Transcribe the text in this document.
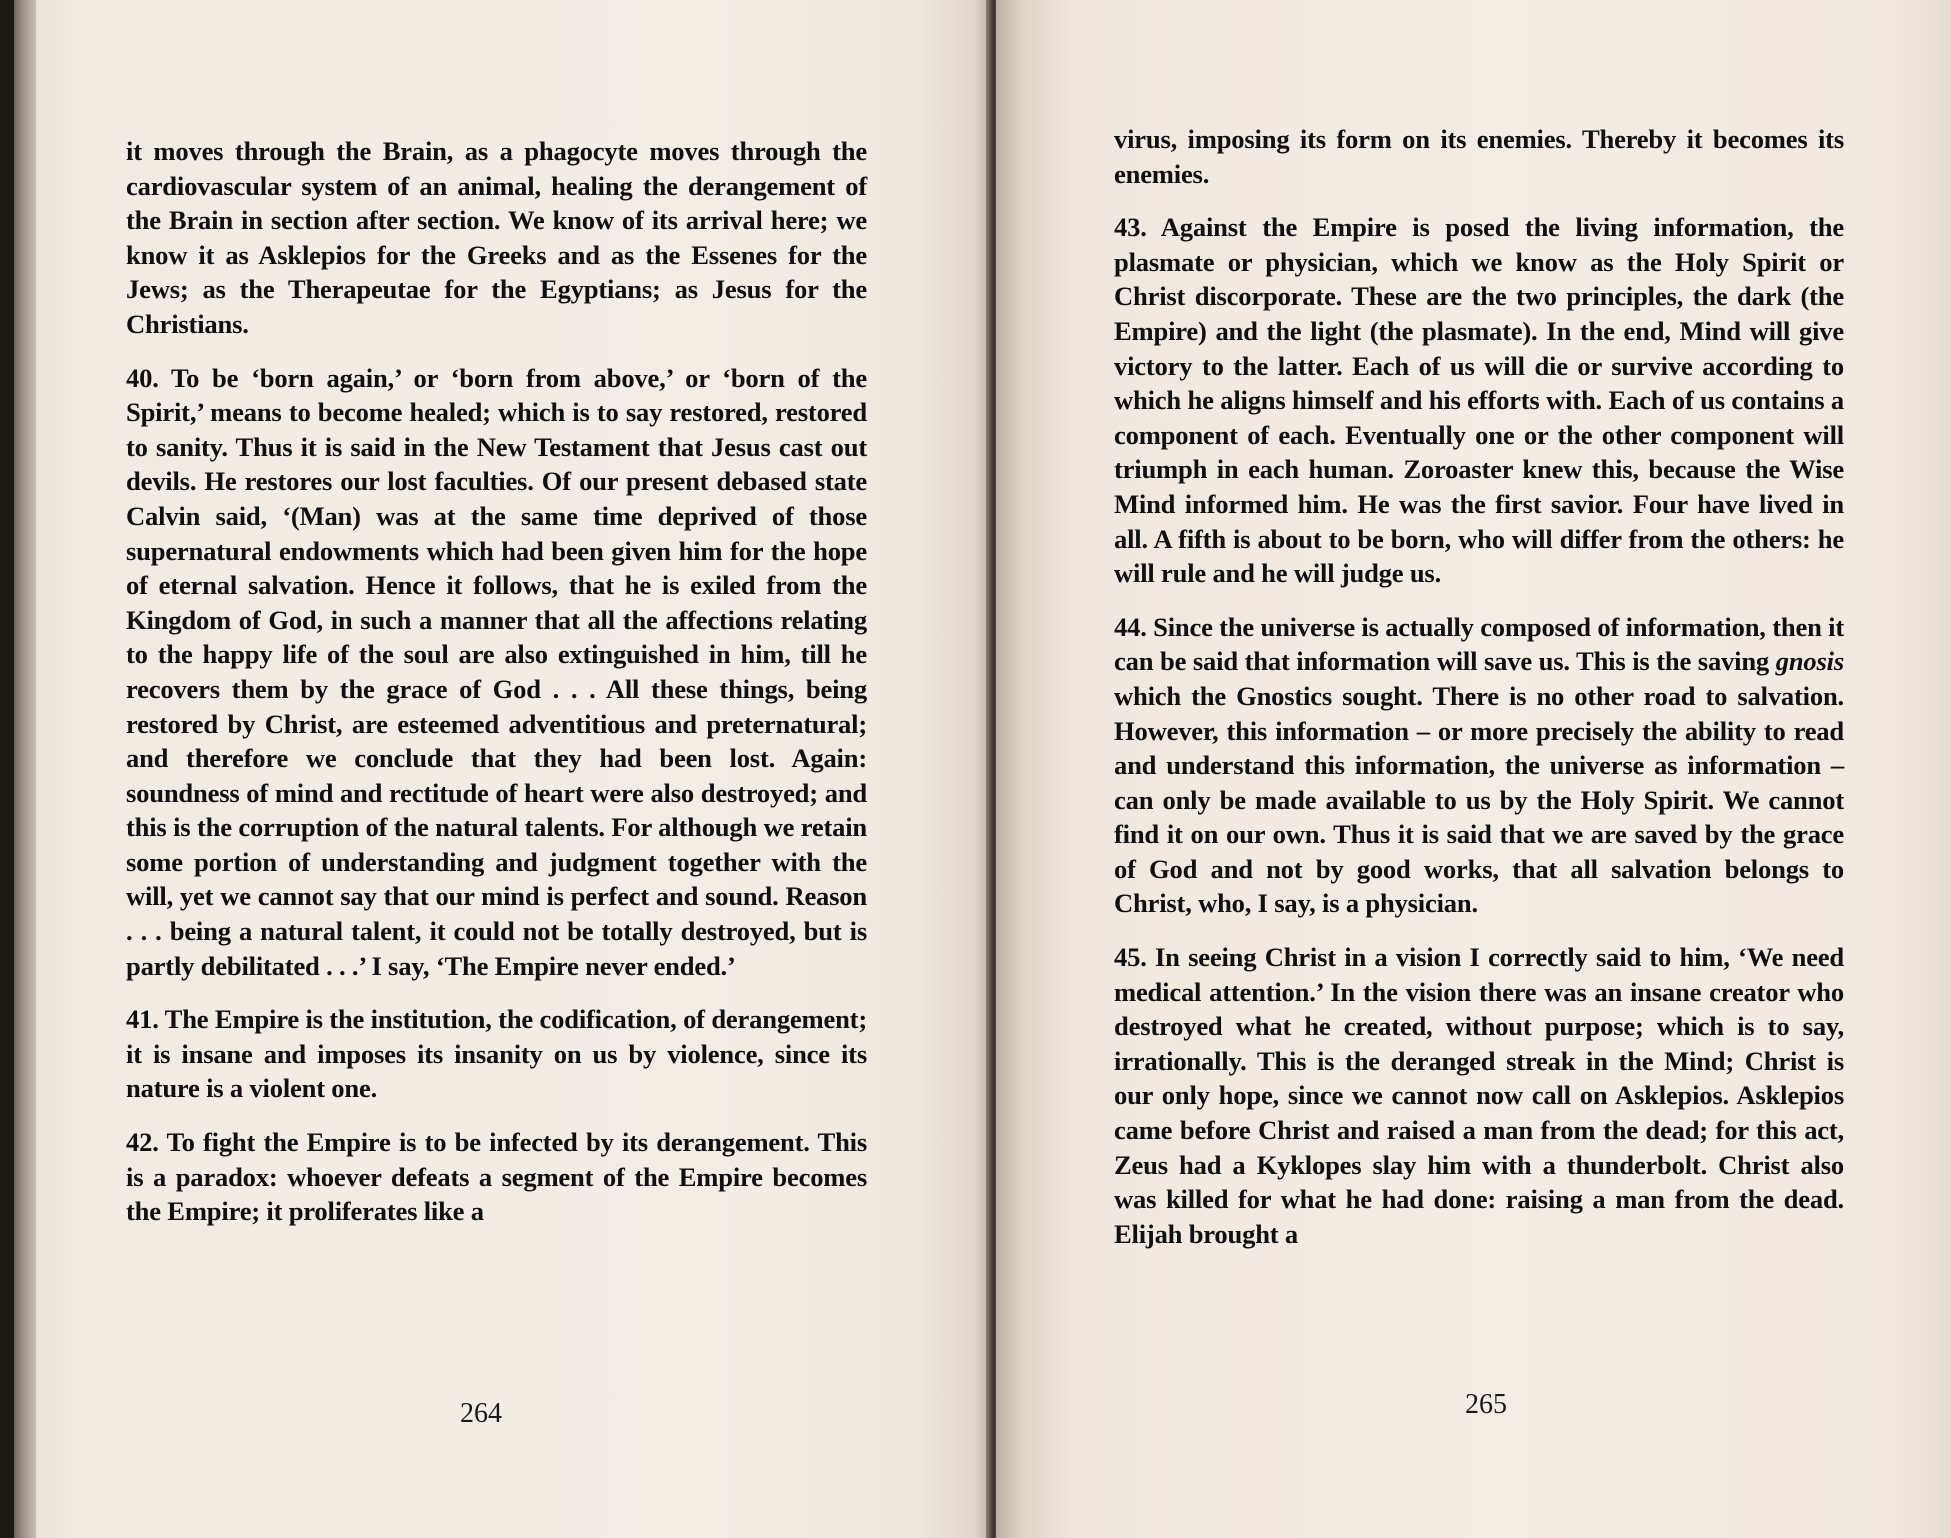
it moves through the Brain, as a phagocyte moves through the cardiovascular system of an animal, healing the derangement of the Brain in section after section. We know of its arrival here; we know it as Asklepios for the Greeks and as the Essenes for the Jews; as the Therapeutae for the Egyptians; as Jesus for the Christians.

40. To be ‘born again,’ or ‘born from above,’ or ‘born of the Spirit,’ means to become healed; which is to say restored, restored to sanity. Thus it is said in the New Testament that Jesus cast out devils. He restores our lost faculties. Of our present debased state Calvin said, ‘(Man) was at the same time deprived of those supernatural endowments which had been given him for the hope of eternal salvation. Hence it follows, that he is exiled from the Kingdom of God, in such a manner that all the affections relating to the happy life of the soul are also extinguished in him, till he recovers them by the grace of God . . . All these things, being restored by Christ, are esteemed adventitious and preternatural; and therefore we conclude that they had been lost. Again: soundness of mind and rectitude of heart were also destroyed; and this is the corruption of the natural talents. For although we retain some portion of understanding and judgment together with the will, yet we cannot say that our mind is perfect and sound. Reason . . . being a natural talent, it could not be totally destroyed, but is partly debilitated . . .’ I say, ‘The Empire never ended.’

41. The Empire is the institution, the codification, of derangement; it is insane and imposes its insanity on us by violence, since its nature is a violent one.

42. To fight the Empire is to be infected by its derangement. This is a paradox: whoever defeats a segment of the Empire becomes the Empire; it proliferates like a

virus, imposing its form on its enemies. Thereby it becomes its enemies.

43. Against the Empire is posed the living information, the plasmate or physician, which we know as the Holy Spirit or Christ discorporate. These are the two principles, the dark (the Empire) and the light (the plasmate). In the end, Mind will give victory to the latter. Each of us will die or survive according to which he aligns himself and his efforts with. Each of us contains a component of each. Eventually one or the other component will triumph in each human. Zoroaster knew this, because the Wise Mind informed him. He was the first savior. Four have lived in all. A fifth is about to be born, who will differ from the others: he will rule and he will judge us.

44. Since the universe is actually composed of information, then it can be said that information will save us. This is the saving gnosis which the Gnostics sought. There is no other road to salvation. However, this information – or more precisely the ability to read and understand this information, the universe as information – can only be made available to us by the Holy Spirit. We cannot find it on our own. Thus it is said that we are saved by the grace of God and not by good works, that all salvation belongs to Christ, who, I say, is a physician.

45. In seeing Christ in a vision I correctly said to him, ‘We need medical attention.’ In the vision there was an insane creator who destroyed what he created, without purpose; which is to say, irrationally. This is the deranged streak in the Mind; Christ is our only hope, since we cannot now call on Asklepios. Asklepios came before Christ and raised a man from the dead; for this act, Zeus had a Kyklopes slay him with a thunderbolt. Christ also was killed for what he had done: raising a man from the dead. Elijah brought a

264	265
